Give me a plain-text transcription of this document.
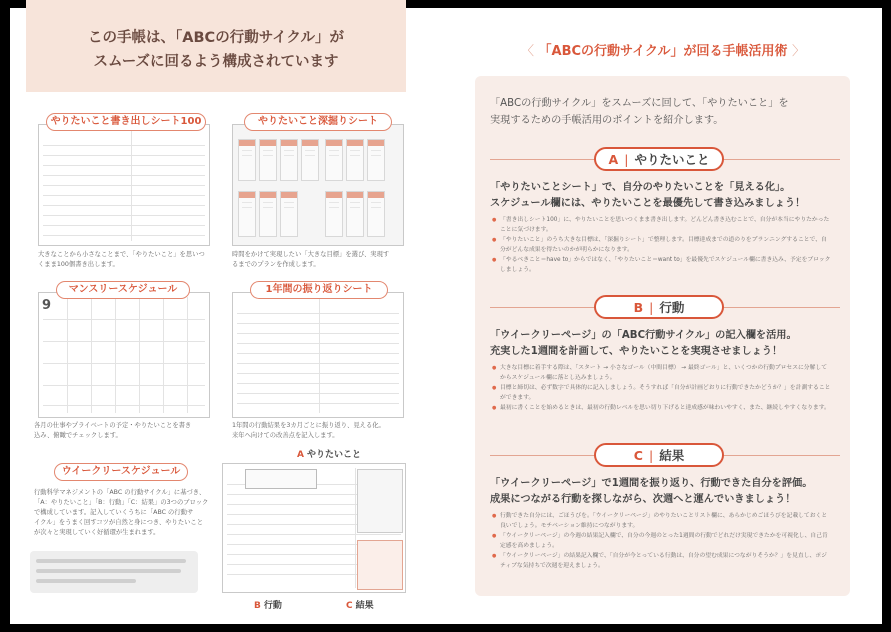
この手帳は、「ABCの行動サイクル」が
スムーズに回るよう構成されています
やりたいこと書き出しシート100
大きなことから小さなことまで、「やりたいこと」を思いつ
くまま100個書き出します。
やりたいこと深掘りシート
時間をかけて実現したい「大きな目標」を選び、実現す
るまでのプランを作成します。
9
マンスリースケジュール
各月の仕事やプライベートの予定・やりたいことを書き
込み、俯瞰でチェックします。
1年間の振り返りシート
1年間の行動結果を3カ月ごとに振り返り、見える化。
来年へ向けての改善点を記入します。
ウイークリースケジュール
行動科学マネジメントの「ABC の行動サイクル」に基づき、
「A：やりたいこと」「B：行動」「C：結果」の3つのブロック
で構成しています。記入していくうちに「ABC の行動サ
イクル」をうまく回すコツが自然と身につき、やりたいこと
が次々と実現していく好循環が生まれます。
A やりたいこと
B 行動	C 結果
〈 「ABCの行動サイクル」が回る手帳活用術 〉
「ABCの行動サイクル」をスムーズに回して、「やりたいこと」を
実現するための手帳活用のポイントを紹介します。
A | やりたいこと
「やりたいことシート」で、自分のやりたいことを「見える化」。
スケジュール欄には、やりたいことを最優先して書き込みましょう！
● 「書き出しシート100」に、やりたいことを思いつくまま書き出します。どんどん書き込むことで、自分が本当にやりたかったことに気づけます。
● 「やりたいこと」のうち大きな目標は、「深掘りシート」で整理します。目標達成までの道のりをプランニングすることで、自分がどんな成果を得たいのかが明らかになります。
● 「やるべきこと＝have to」からではなく、「やりたいこと＝want to」を最優先でスケジュール欄に書き込み、予定をブロックしましょう。
B | 行動
「ウイークリーページ」の「ABC行動サイクル」の記入欄を活用。
充実した1週間を計画して、やりたいことを実現させましょう！
● 大きな目標に着手する際は、「スタート → 小さなゴール（中間目標） → 最終ゴール」と、いくつかの行動プロセスに分解してからスケジュール欄に落とし込みましょう。
● 目標と締切は、必ず数字で具体的に記入しましょう。そうすれば「自分が計画どおりに行動できたかどうか？」を計測することができます。
● 最初に書くことを始めるときは、最初の行動レベルを思い切り下げると達成感が味わいやすく、また、継続しやすくなります。
C | 結果
「ウイークリーページ」で1週間を振り返り、行動できた自分を評価。
成果につながる行動を探しながら、次週へと運んでいきましょう！
● 行動できた自分には、ごほうびを。「ウイークリーページ」のやりたいことリスト欄に、あらかじめごほうびを記載しておくと良いでしょう。モチベーション維持につながります。
● 「ウイークリーページ」の今週の結果記入欄で、自分の今週のとった1週間の行動でどれだけ実現できたかを可視化し、自己肯定感を高めましょう。
● 「ウイークリーページ」の結果記入欄で、「自分が今とっている行動は、自分の望む成果につながりそうか？」を見直し、ポジティブな気持ちで次週を迎えましょう。
